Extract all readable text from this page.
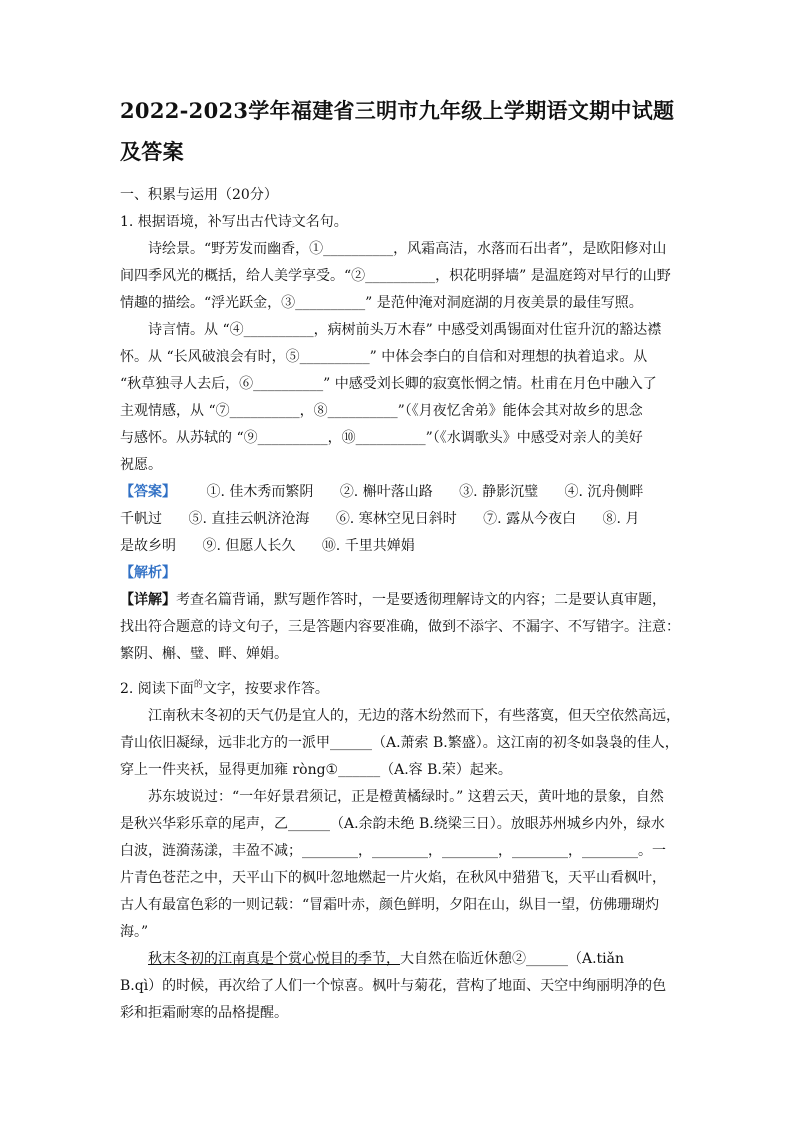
2022-2023学年福建省三明市九年级上学期语文期中试题及答案
一、积累与运用（20分）
1. 根据语境，补写出古代诗文名句。
诗绘景。“野芳发而幽香，①__________，风霜高洁，水落而石出者”，是欧阳修对山
间四季风光的概括，给人美学享受。“②__________，枳花明驿墙” 是温庭筠对早行的山野
情趣的描绘。“浮光跃金，③__________” 是范仲淹对洞庭湖的月夜美景的最佳写照。
诗言情。从 “④__________，病树前头万木春” 中感受刘禹锡面对仕宦升沉的豁达襟
怀。从 “长风破浪会有时，⑤__________” 中体会李白的自信和对理想的执着追求。从
“秋草独寻人去后，⑥__________” 中感受刘长卿的寂寞怅惘之情。杜甫在月色中融入了
主观情感，从 “⑦__________，⑧__________”（《月夜忆舍弟》能体会其对故乡的思念
与感怀。从苏轼的 “⑨__________，⑩__________”（《水调歌头》中感受对亲人的美好
祝愿。
【答案】 ①. 佳木秀而繁阴 ②. 槲叶落山路 ③. 静影沉璧 ④. 沉舟侧畔
千帆过 ⑤. 直挂云帆济沧海 ⑥. 寒林空见日斜时 ⑦. 露从今夜白 ⑧. 月
是故乡明 ⑨. 但愿人长久 ⑩. 千里共婵娟
【解析】
【详解】考查名篇背诵，默写题作答时，一是要透彻理解诗文的内容；二是要认真审题，
找出符合题意的诗文句子，三是答题内容要准确，做到不添字、不漏字、不写错字。注意：
繁阴、槲、璧、畔、婵娟。
2. 阅读下面$^的$文字，按要求作答。
江南秋末冬初的天气仍是宜人的，无边的落木纷然而下，有些落寞，但天空依然高远，
青山依旧凝绿，远非北方的一派甲______（A.萧索 B.繁盛）。这江南的初冬如袅袅的佳人，
穿上一件夹袄，显得更加雍 ròng①______（A.容 B.荣）起来。
苏东坡说过：“一年好景君须记，正是橙黄橘绿时。” 这碧云天，黄叶地的景象，自然
是秋兴华彩乐章的尾声，乙______（A.余韵未绝 B.绕梁三日）。放眼苏州城乡内外，绿水
白波，涟漪荡漾，丰盈不减；________，________，________，________，________。一
片青色苍茫之中，天平山下的枫叶忽地燃起一片火焰，在秋风中猎猎飞，天平山看枫叶，
古人有最富色彩的一则记载：“冒霜叶赤，颜色鲜明，夕阳在山，纵目一望，仿佛珊瑚灼
海。”
秋末冬初的江南真是个赏心悦目的季节，大自然在临近休憩②______（A.tiǎn
B.qì）的时候，再次给了人们一个惊喜。枫叶与菊花，营构了地面、天空中绚丽明净的色
彩和拒霜耐寒的品格提醒。
